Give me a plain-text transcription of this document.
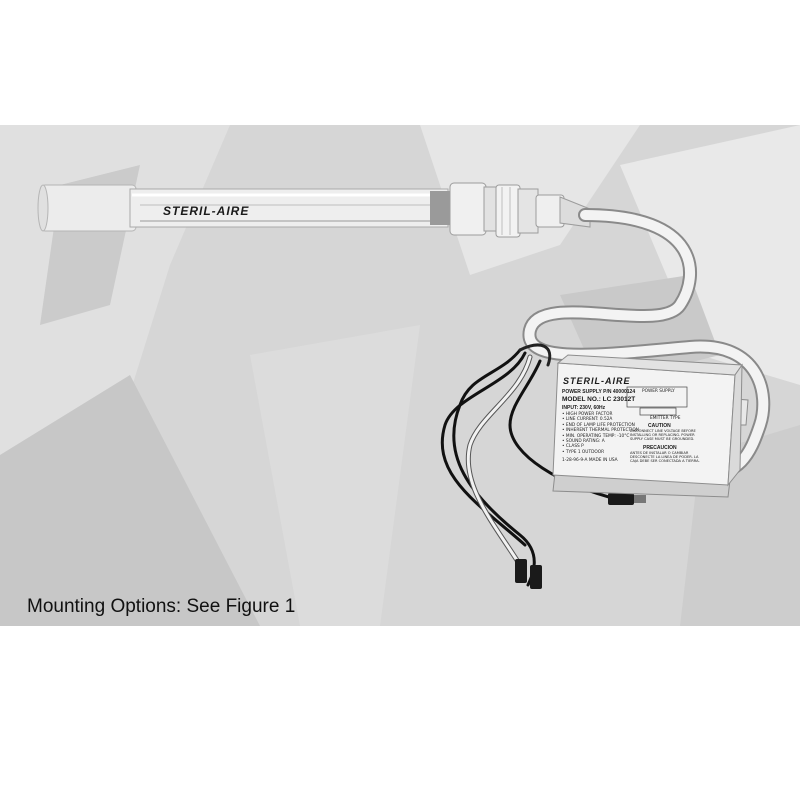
STERIL-AIRE
STERIL-AIRE
POWER SUPPLY P/N 40000124
MODEL NO.: LC 23012T
INPUT: 230V, 60Hz
• HIGH POWER FACTOR
• LINE CURRENT: 0.52A
• END OF LAMP LIFE PROTECTION
• INHERENT THERMAL PROTECTION
• MIN. OPERATING TEMP: -10°C
• SOUND RATING: A
• CLASS P
• TYPE 1 OUTDOOR
1-28-96-9-A MADE IN USA
POWER SUPPLY
EMITTER TYPE
CAUTION
DISCONNECT LINE VOLTAGE BEFORE INSTALLING OR REPLACING. POWER SUPPLY CASE MUST BE GROUNDED.
PRECAUCION
ANTES DE INSTALAR O CAMBIAR DESCONECTE LA LINEA DE PODER. LA CAJA DEBE SER CONECTADA A TIERRA.
Mounting Options: See Figure 1
